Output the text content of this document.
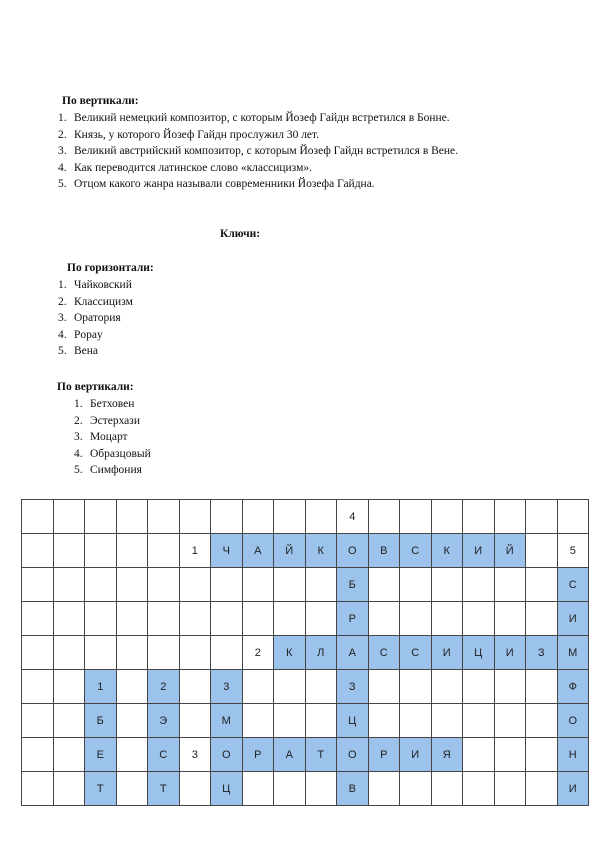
По вертикали:
1. Великий немецкий композитор, с которым Йозеф Гайдн встретился в Бонне.
2. Князь, у которого Йозеф Гайдн прослужил 30 лет.
3. Великий австрийский композитор, с которым Йозеф Гайдн встретился в Вене.
4. Как переводится латинское слово «классицизм».
5. Отцом какого жанра называли современники Йозефа Гайдна.
Ключи:
По горизонтали:
1. Чайковский
2. Классицизм
3. Оратория
4. Popay
5. Вена
По вертикали:
1. Бетховен
2. Эстерхази
3. Моцарт
4. Образцовый
5. Симфония
										4							
					1	Ч	А	Й	К	О	В	С	К	И	Й		5
										Б							С
										Р							И
							2	К	Л	А	С	С	И	Ц	И	З	М
		1		2		3				З							Ф
		Б		Э		М				Ц							О
		Е		С	3	О	Р	А	Т	О	Р	И	Я				Н
		Т		Т		Ц				В							И
